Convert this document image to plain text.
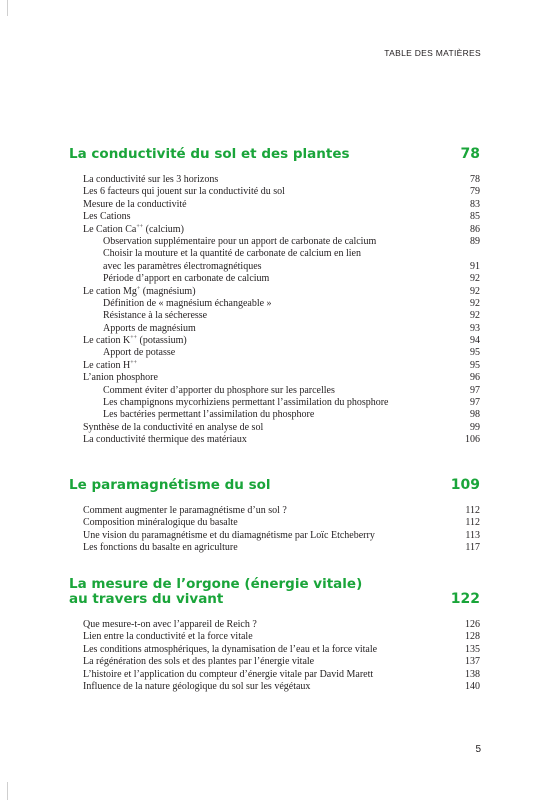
TABLE DES MATIÈRES
La conductivité du sol et des plantes	78
La conductivité sur les 3 horizons	78
Les 6 facteurs qui jouent sur la conductivité du sol	79
Mesure de la conductivité	83
Les Cations	85
Le Cation Ca++ (calcium)	86
Observation supplémentaire pour un apport de carbonate de calcium	89
Choisir la mouture et la quantité de carbonate de calcium en lien
avec les paramètres électromagnétiques	91
Période d’apport en carbonate de calcium	92
Le cation Mg+ (magnésium)	92
Définition de « magnésium échangeable »	92
Résistance à la sécheresse	92
Apports de magnésium	93
Le cation K++ (potassium)	94
Apport de potasse	95
Le cation H++	95
L’anion phosphore	96
Comment éviter d’apporter du phosphore sur les parcelles	97
Les champignons mycorhiziens permettant l’assimilation du phosphore	97
Les bactéries permettant l’assimilation du phosphore	98
Synthèse de la conductivité en analyse de sol	99
La conductivité thermique des matériaux	106
Le paramagnétisme du sol	109
Comment augmenter le paramagnétisme d’un sol ?	112
Composition minéralogique du basalte	112
Une vision du paramagnétisme et du diamagnétisme par Loïc Etcheberry	113
Les fonctions du basalte en agriculture	117
La mesure de l’orgone (énergie vitale)
au travers du vivant	122
Que mesure-t-on avec l’appareil de Reich ?	126
Lien entre la conductivité et la force vitale	128
Les conditions atmosphériques, la dynamisation de l’eau et la force vitale	135
La régénération des sols et des plantes par l’énergie vitale	137
L’histoire et l’application du compteur d’énergie vitale par David Marett	138
Influence de la nature géologique du sol sur les végétaux	140
5
